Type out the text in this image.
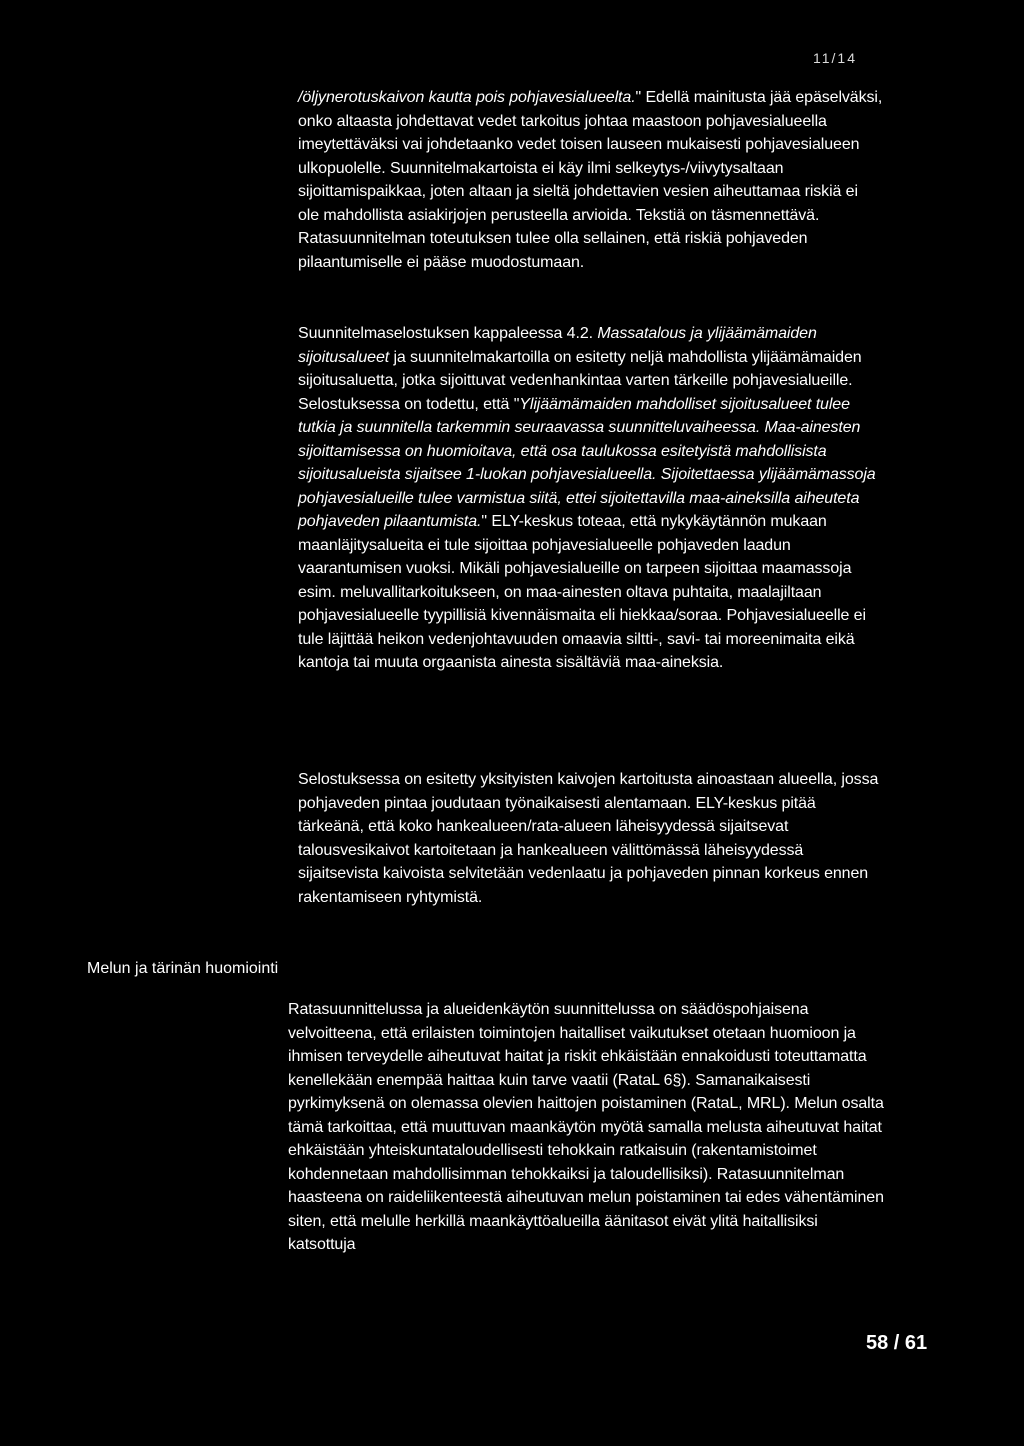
11/14

/öljynerotuskaivon kautta pois pohjavesialueelta." Edellä mainitusta jää epäselväksi, onko altaasta johdettavat vedet tarkoitus johtaa maastoon pohjavesialueella imeytettäväksi vai johdetaanko vedet toisen lauseen mukaisesti pohjavesialueen ulkopuolelle. Suunnitelmakartoista ei käy ilmi selkeytys-/viivytysaltaan sijoittamispaikkaa, joten altaan ja sieltä johdettavien vesien aiheuttamaa riskiä ei ole mahdollista asiakirjojen perusteella arvioida. Tekstiä on täsmennettävä. Ratasuunnitelman toteutuksen tulee olla sellainen, että riskiä pohjaveden pilaantumiselle ei pääse muodostumaan.

Suunnitelmaselostuksen kappaleessa 4.2. Massatalous ja ylijäämämaiden sijoitusalueet ja suunnitelmakartoilla on esitetty neljä mahdollista ylijäämämaiden sijoitusaluetta, jotka sijoittuvat vedenhankintaa varten tärkeille pohjavesialueille. Selostuksessa on todettu, että "Ylijäämämaiden mahdolliset sijoitusalueet tulee tutkia ja suunnitella tarkemmin seuraavassa suunnitteluvaiheessa. Maa-ainesten sijoittamisessa on huomioitava, että osa taulukossa esitetyistä mahdollisista sijoitusalueista sijaitsee 1-luokan pohjavesialueella. Sijoitettaessa ylijäämämassoja pohjavesialueille tulee varmistua siitä, ettei sijoitettavilla maa-aineksilla aiheuteta pohjaveden pilaantumista." ELY-keskus toteaa, että nykykäytännön mukaan maanläjitysalueita ei tule sijoittaa pohjavesialueelle pohjaveden laadun vaarantumisen vuoksi. Mikäli pohjavesialueille on tarpeen sijoittaa maamassoja esim. meluvallitarkoitukseen, on maa-ainesten oltava puhtaita, maalajiltaan pohjavesialueelle tyypillisiä kivennäismaita eli hiekkaa/soraa. Pohjavesialueelle ei tule läjittää heikon vedenjohtavuuden omaavia siltti-, savi- tai moreenimaita eikä kantoja tai muuta orgaanista ainesta sisältäviä maa-aineksia.

Selostuksessa on esitetty yksityisten kaivojen kartoitusta ainoastaan alueella, jossa pohjaveden pintaa joudutaan työnaikaisesti alentamaan. ELY-keskus pitää tärkeänä, että koko hankealueen/rata-alueen läheisyydessä sijaitsevat talousvesikaivot kartoitetaan ja hankealueen välittömässä läheisyydessä sijaitsevista kaivoista selvitetään vedenlaatu ja pohjaveden pinnan korkeus ennen rakentamiseen ryhtymistä.

Melun ja tärinän huomiointi

Ratasuunnittelussa ja alueidenkäytön suunnittelussa on säädöspohjaisena velvoitteena, että erilaisten toimintojen haitalliset vaikutukset otetaan huomioon ja ihmisen terveydelle aiheutuvat haitat ja riskit ehkäistään ennakoidusti toteuttamatta kenellekään enempää haittaa kuin tarve vaatii (RataL 6§). Samanaikaisesti pyrkimyksenä on olemassa olevien haittojen poistaminen (RataL, MRL). Melun osalta tämä tarkoittaa, että muuttuvan maankäytön myötä samalla melusta aiheutuvat haitat ehkäistään yhteiskuntataloudellisesti tehokkain ratkaisuin (rakentamistoimet kohdennetaan mahdollisimman tehokkaiksi ja taloudellisiksi). Ratasuunnitelman haasteena on raideliikenteestä aiheutuvan melun poistaminen tai edes vähentäminen siten, että melulle herkillä maankäyttöalueilla äänitasot eivät ylitä haitallisiksi katsottuja

58 / 61
